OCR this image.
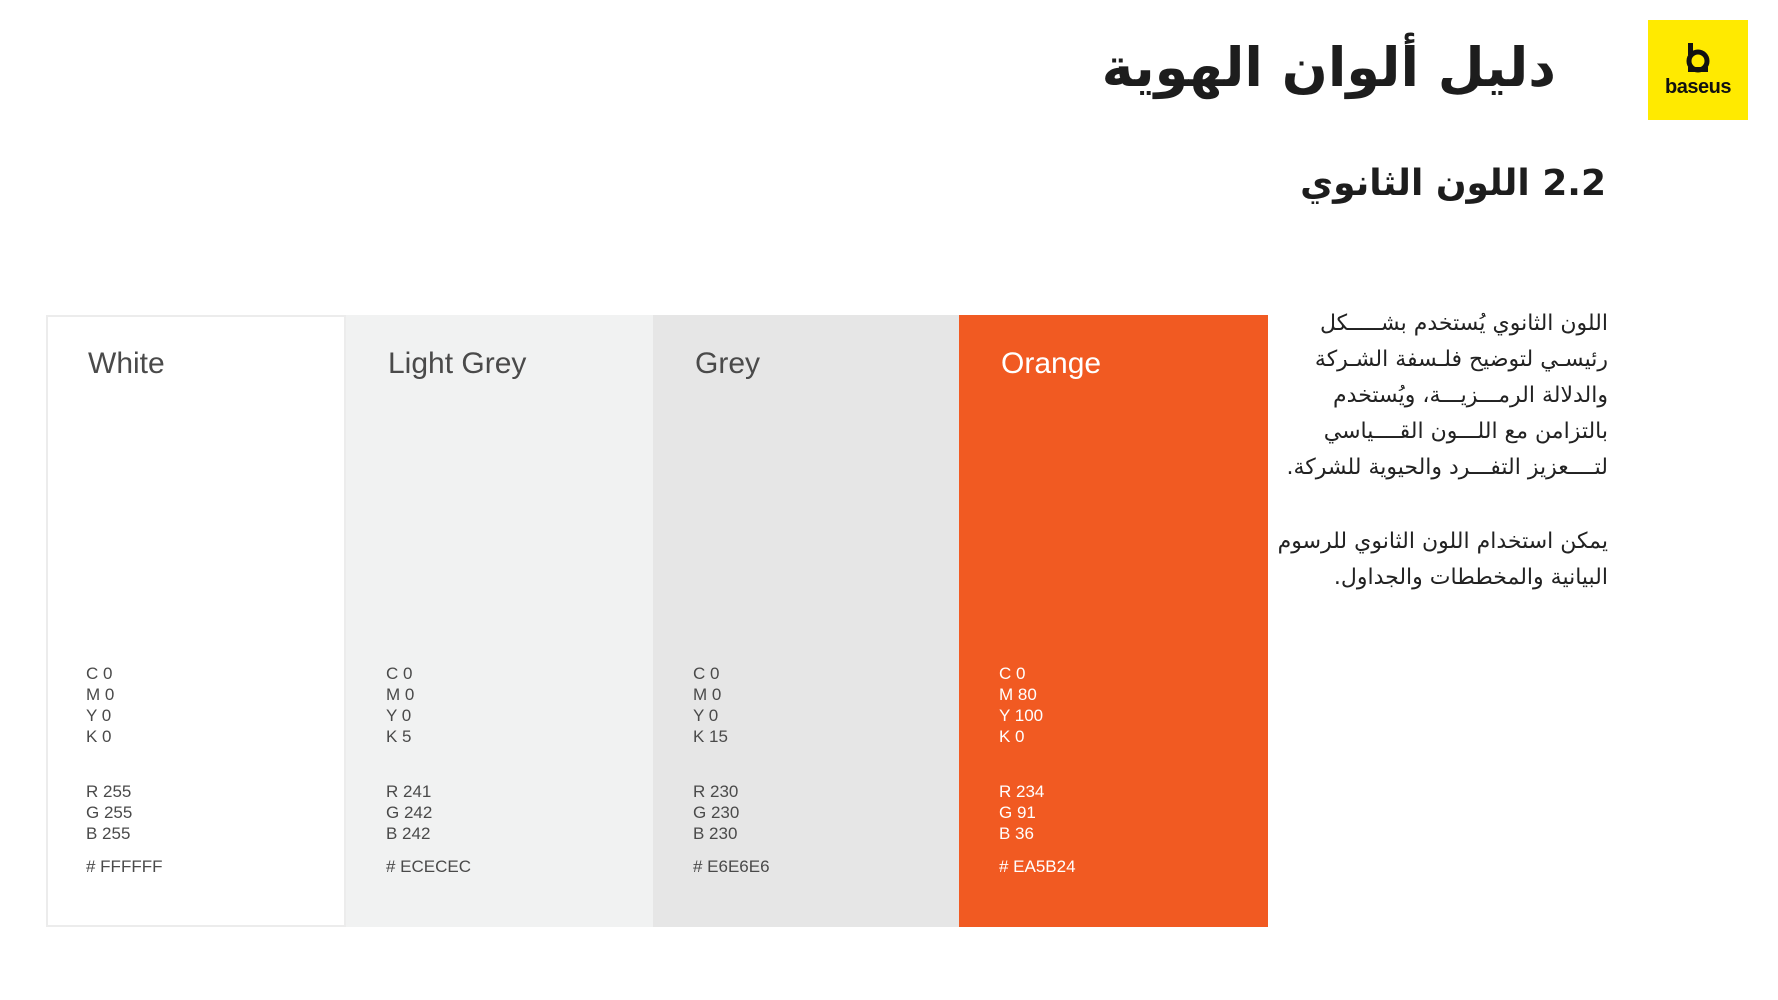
baseus
دليل ألوان الهوية
2.2 اللون الثانوي

اللون الثانوي يُستخدم بشـــــكل رئيسـي لتوضيح فلـسفة الشـركة والدلالة الرمـــزيـــة، ويُستخدم بالتزامن مع اللـــون القــــياسي لتــــعزيز التفـــرد والحيوية للشركة.

يمكن استخدام اللون الثانوي للرسوم البيانية والمخططات والجداول.

White
C 0
M 0
Y 0
K 0
R 255
G 255
B 255
# FFFFFF
Light Grey
C 0
M 0
Y 0
K 5
R 241
G 242
B 242
# ECECEC
Grey
C 0
M 0
Y 0
K 15
R 230
G 230
B 230
# E6E6E6
Orange
C 0
M 80
Y 100
K 0
R 234
G 91
B 36
# EA5B24
